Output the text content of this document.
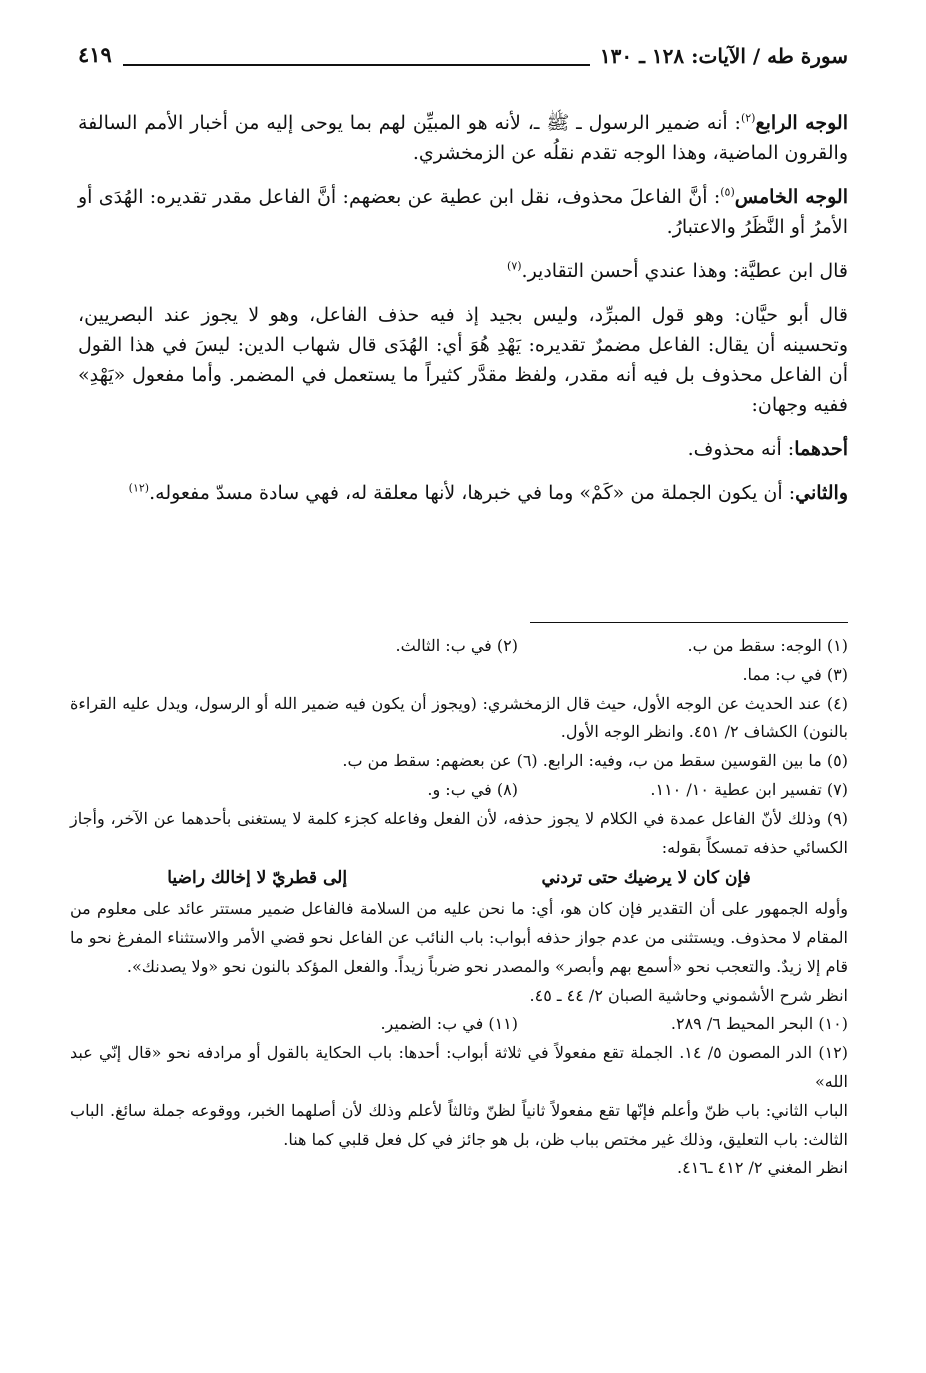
سورة طه / الآيات: ١٢٨ ـ ١٣٠
٤١٩

الوجه الرابع$^{(٢)}$: أنه ضمير الرسول ـ ﷺ ـ، لأنه هو المبيِّن لهم بما يوحى إليه من أخبار الأمم السالفة والقرون الماضية، وهذا الوجه تقدم نقلُه عن الزمخشري.

الوجه الخامس$^{(٥)}$: أنَّ الفاعلَ محذوف، نقل ابن عطية عن بعضهم: أنَّ الفاعل مقدر تقديره: الهُدَى أو الأمرُ أو النَّظَرُ والاعتبارُ.

قال ابن عطيَّة: وهذا عندي أحسن التقادير.$^{(٧)}$

قال أبو حيَّان: وهو قول المبرِّد، وليس بجيد إذ فيه حذف الفاعل، وهو لا يجوز عند البصريين، وتحسينه أن يقال: الفاعل مضمرٌ تقديره: يَهْدِ هُوَ أي: الهُدَى قال شهاب الدين: ليسَ في هذا القول أن الفاعل محذوف بل فيه أنه مقدر، ولفظ مقدَّر كثيراً ما يستعمل في المضمر. وأما مفعول «يَهْدِ» ففيه وجهان:

أحدهما: أنه محذوف.

والثاني: أن يكون الجملة من «كَمْ» وما في خبرها، لأنها معلقة له، فهي سادة مسدّ مفعوله.$^{(١٢)}$

(١) الوجه: سقط من ب.

(٢) في ب: الثالث.

(٣) في ب: مما.

(٤) عند الحديث عن الوجه الأول، حيث قال الزمخشري: (ويجوز أن يكون فيه ضمير الله أو الرسول، ويدل عليه القراءة بالنون) الكشاف ٢/ ٤٥١. وانظر الوجه الأول.

(٥) ما بين القوسين سقط من ب، وفيه: الرابع. (٦) عن بعضهم: سقط من ب.

(٧) تفسير ابن عطية ١٠/ ١١٠.

(٨) في ب: و.

(٩) وذلك لأنّ الفاعل عمدة في الكلام لا يجوز حذفه، لأن الفعل وفاعله كجزء كلمة لا يستغنى بأحدهما عن الآخر، وأجاز الكسائي حذفه تمسكاً بقوله:

فإن كان لا يرضيك حتى تردني
إلى قطريّ لا إخالك راضيا

وأوله الجمهور على أن التقدير فإن كان هو، أي: ما نحن عليه من السلامة فالفاعل ضمير مستتر عائد على معلوم من المقام لا محذوف. ويستثنى من عدم جواز حذفه أبواب: باب النائب عن الفاعل نحو قضي الأمر والاستثناء المفرغ نحو ما قام إلا زيدٌ. والتعجب نحو «أسمع بهم وأبصر» والمصدر نحو ضرباً زيداً. والفعل المؤكد بالنون نحو «ولا يصدنك».

انظر شرح الأشموني وحاشية الصبان ٢/ ٤٤ ـ ٤٥.

(١٠) البحر المحيط ٦/ ٢٨٩.

(١١) في ب: الضمير.

(١٢) الدر المصون ٥/ ١٤. الجملة تقع مفعولاً في ثلاثة أبواب: أحدها: باب الحكاية بالقول أو مرادفه نحو «قال إنّي عبد الله»

الباب الثاني: باب ظنّ وأعلم فإنّها تقع مفعولاً ثانياً لظنّ وثالثاً لأعلم وذلك لأن أصلهما الخبر، ووقوعه جملة سائغ. الباب الثالث: باب التعليق، وذلك غير مختص بباب ظن، بل هو جائز في كل فعل قلبي كما هنا.

انظر المغني ٢/ ٤١٢ ـ٤١٦.
